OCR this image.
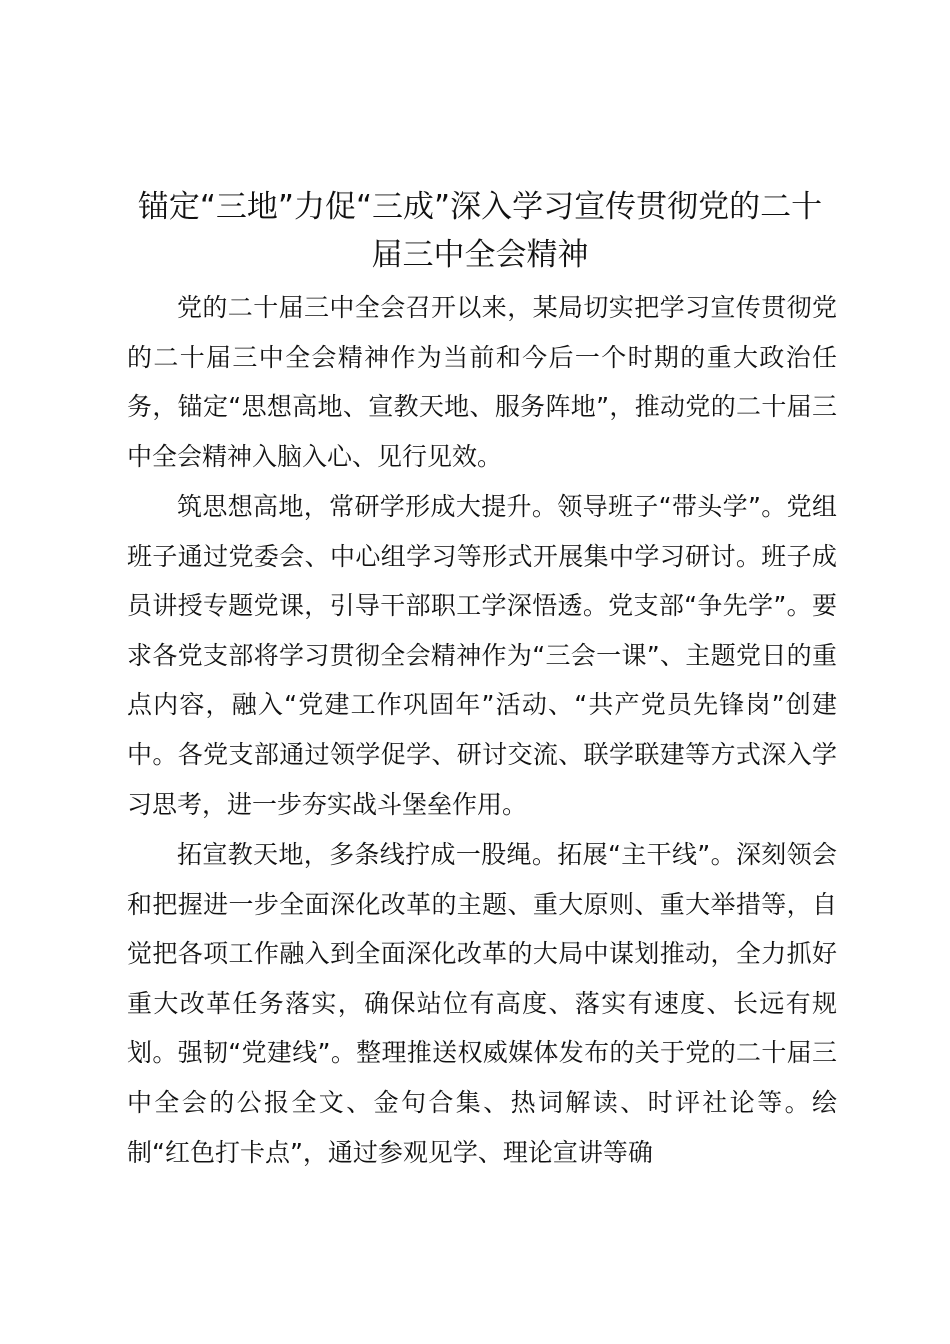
锚定“三地”力促“三成”深入学习宣传贯彻党的二十
届三中全会精神

党的二十届三中全会召开以来，某局切实把学习宣传贯彻党的二十届三中全会精神作为当前和今后一个时期的重大政治任务，锚定“思想高地、宣教天地、服务阵地”，推动党的二十届三中全会精神入脑入心、见行见效。

筑思想高地，常研学形成大提升。领导班子“带头学”。党组班子通过党委会、中心组学习等形式开展集中学习研讨。班子成员讲授专题党课，引导干部职工学深悟透。党支部“争先学”。要求各党支部将学习贯彻全会精神作为“三会一课”、主题党日的重点内容，融入“党建工作巩固年”活动、“共产党员先锋岗”创建中。各党支部通过领学促学、研讨交流、联学联建等方式深入学习思考，进一步夯实战斗堡垒作用。

拓宣教天地，多条线拧成一股绳。拓展“主干线”。深刻领会和把握进一步全面深化改革的主题、重大原则、重大举措等，自觉把各项工作融入到全面深化改革的大局中谋划推动，全力抓好重大改革任务落实，确保站位有高度、落实有速度、长远有规划。强韧“党建线”。整理推送权威媒体发布的关于党的二十届三中全会的公报全文、金句合集、热词解读、时评社论等。绘制“红色打卡点”，通过参观见学、理论宣讲等确
